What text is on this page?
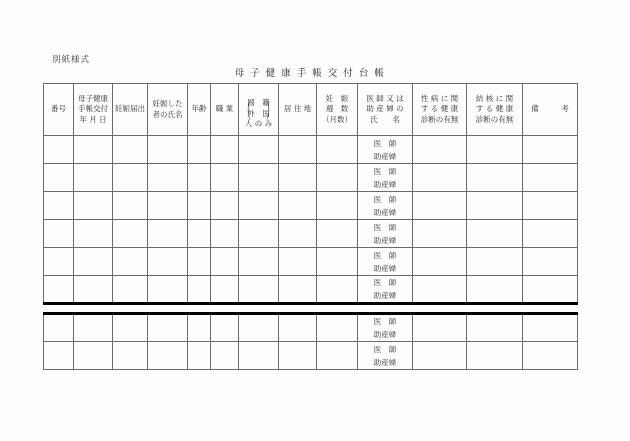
別紙様式
母 子 健 康 手 帳 交 付 台 帳
番号	母子健康
手帳交付
年 月 日	妊娠届出	妊娠した
者の氏名	年齢	職 業	（
国　籍
外　国
人 の み
）	居 住 地	妊　娠
週　数
（月数）	医 師 又 は
助 産 婦 の
氏　　名	性 病 に 関
す る 健 康
診断の有無	結 核 に 関
す る 健 康
診断の有無	備　　　考

									医　師
助産婦			

									医　師
助産婦			

									医　師
助産婦			

									医　師
助産婦			

									医　師
助産婦			

									医　師
助産婦			

									医　師
助産婦			

									医　師
助産婦			
